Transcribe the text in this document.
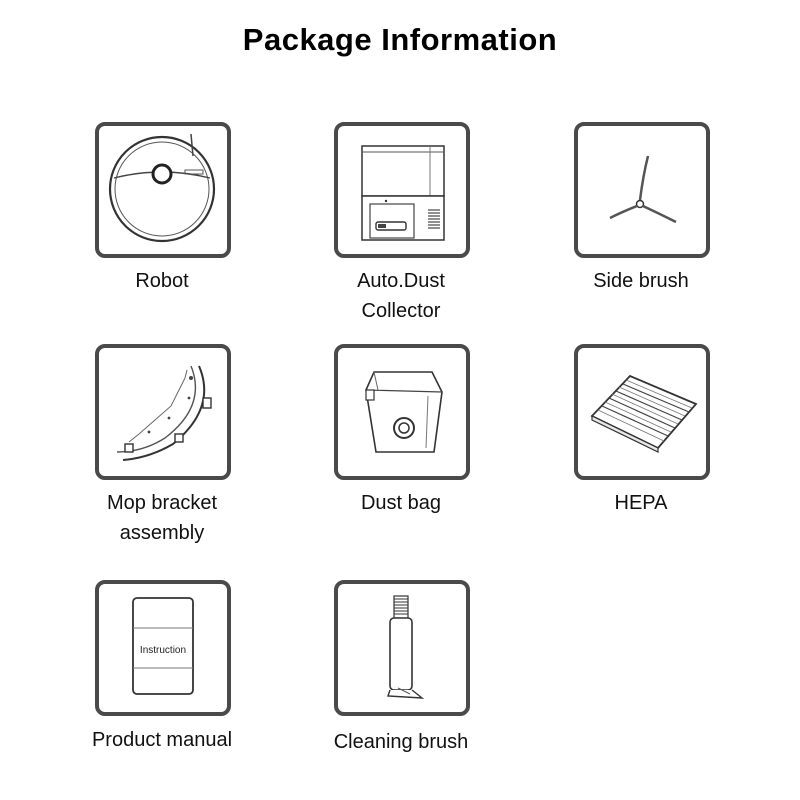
Package Information
Robot	Auto.Dust
Collector
Side brush
Mop bracket
assembly
Dust bag	HEPA
Instruction
Product manual	Cleaning brush
